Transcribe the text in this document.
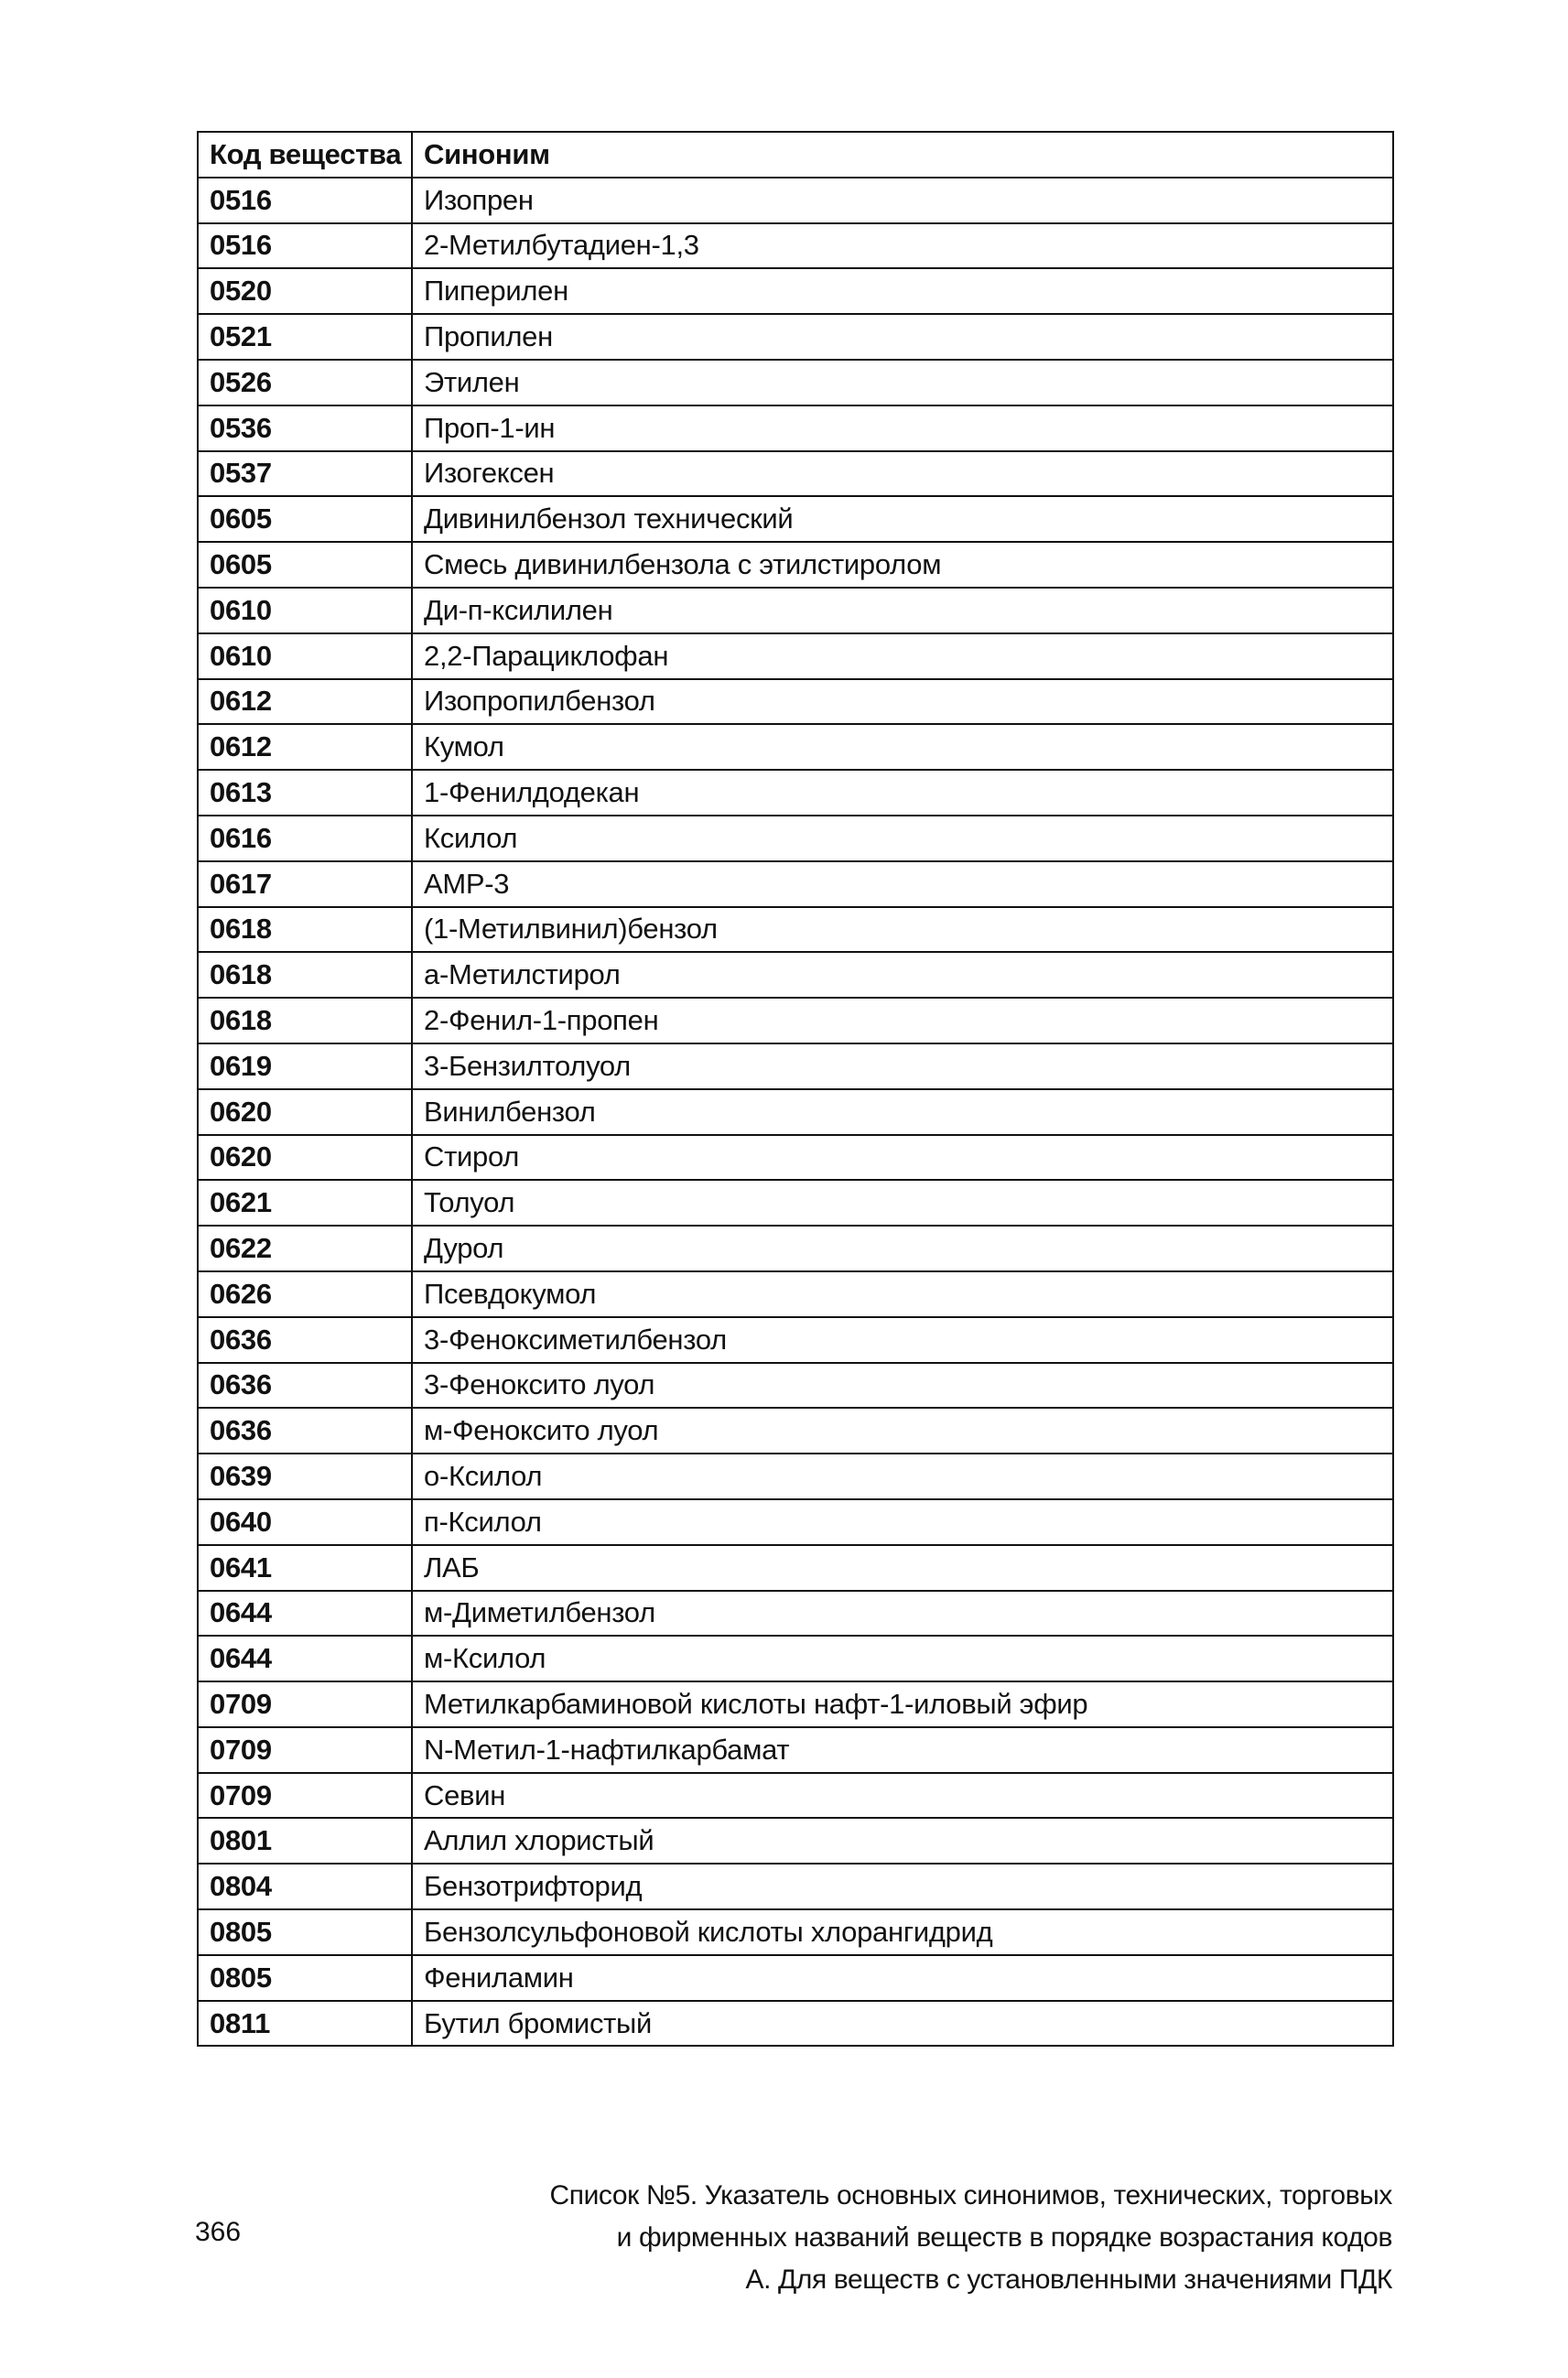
Код вещества	Синоним
0516	Изопрен
0516	2-Метилбутадиен-1,3
0520	Пиперилен
0521	Пропилен
0526	Этилен
0536	Проп-1-ин
0537	Изогексен
0605	Дивинилбензол технический
0605	Смесь дивинилбензола с этилстиролом
0610	Ди-п-ксилилен
0610	2,2-Парациклофан
0612	Изопропилбензол
0612	Кумол
0613	1-Фенилдодекан
0616	Ксилол
0617	АМР-3
0618	(1-Метилвинил)бензол
0618	а-Метилстирол
0618	2-Фенил-1-пропен
0619	3-Бензилтолуол
0620	Винилбензол
0620	Стирол
0621	Толуол
0622	Дурол
0626	Псевдокумол
0636	3-Феноксиметилбензол
0636	3-Феноксито луол
0636	м-Феноксито луол
0639	о-Ксилол
0640	п-Ксилол
0641	ЛАБ
0644	м-Диметилбензол
0644	м-Ксилол
0709	Метилкарбаминовой кислоты нафт-1-иловый эфир
0709	N-Метил-1-нафтилкарбамат
0709	Севин
0801	Аллил хлористый
0804	Бензотрифторид
0805	Бензолсульфоновой кислоты хлорангидрид
0805	Фениламин
0811	Бутил бромистый
366
Список №5. Указатель основных синонимов, технических, торговых
и фирменных названий веществ в порядке возрастания кодов
А. Для веществ с установленными значениями ПДК
